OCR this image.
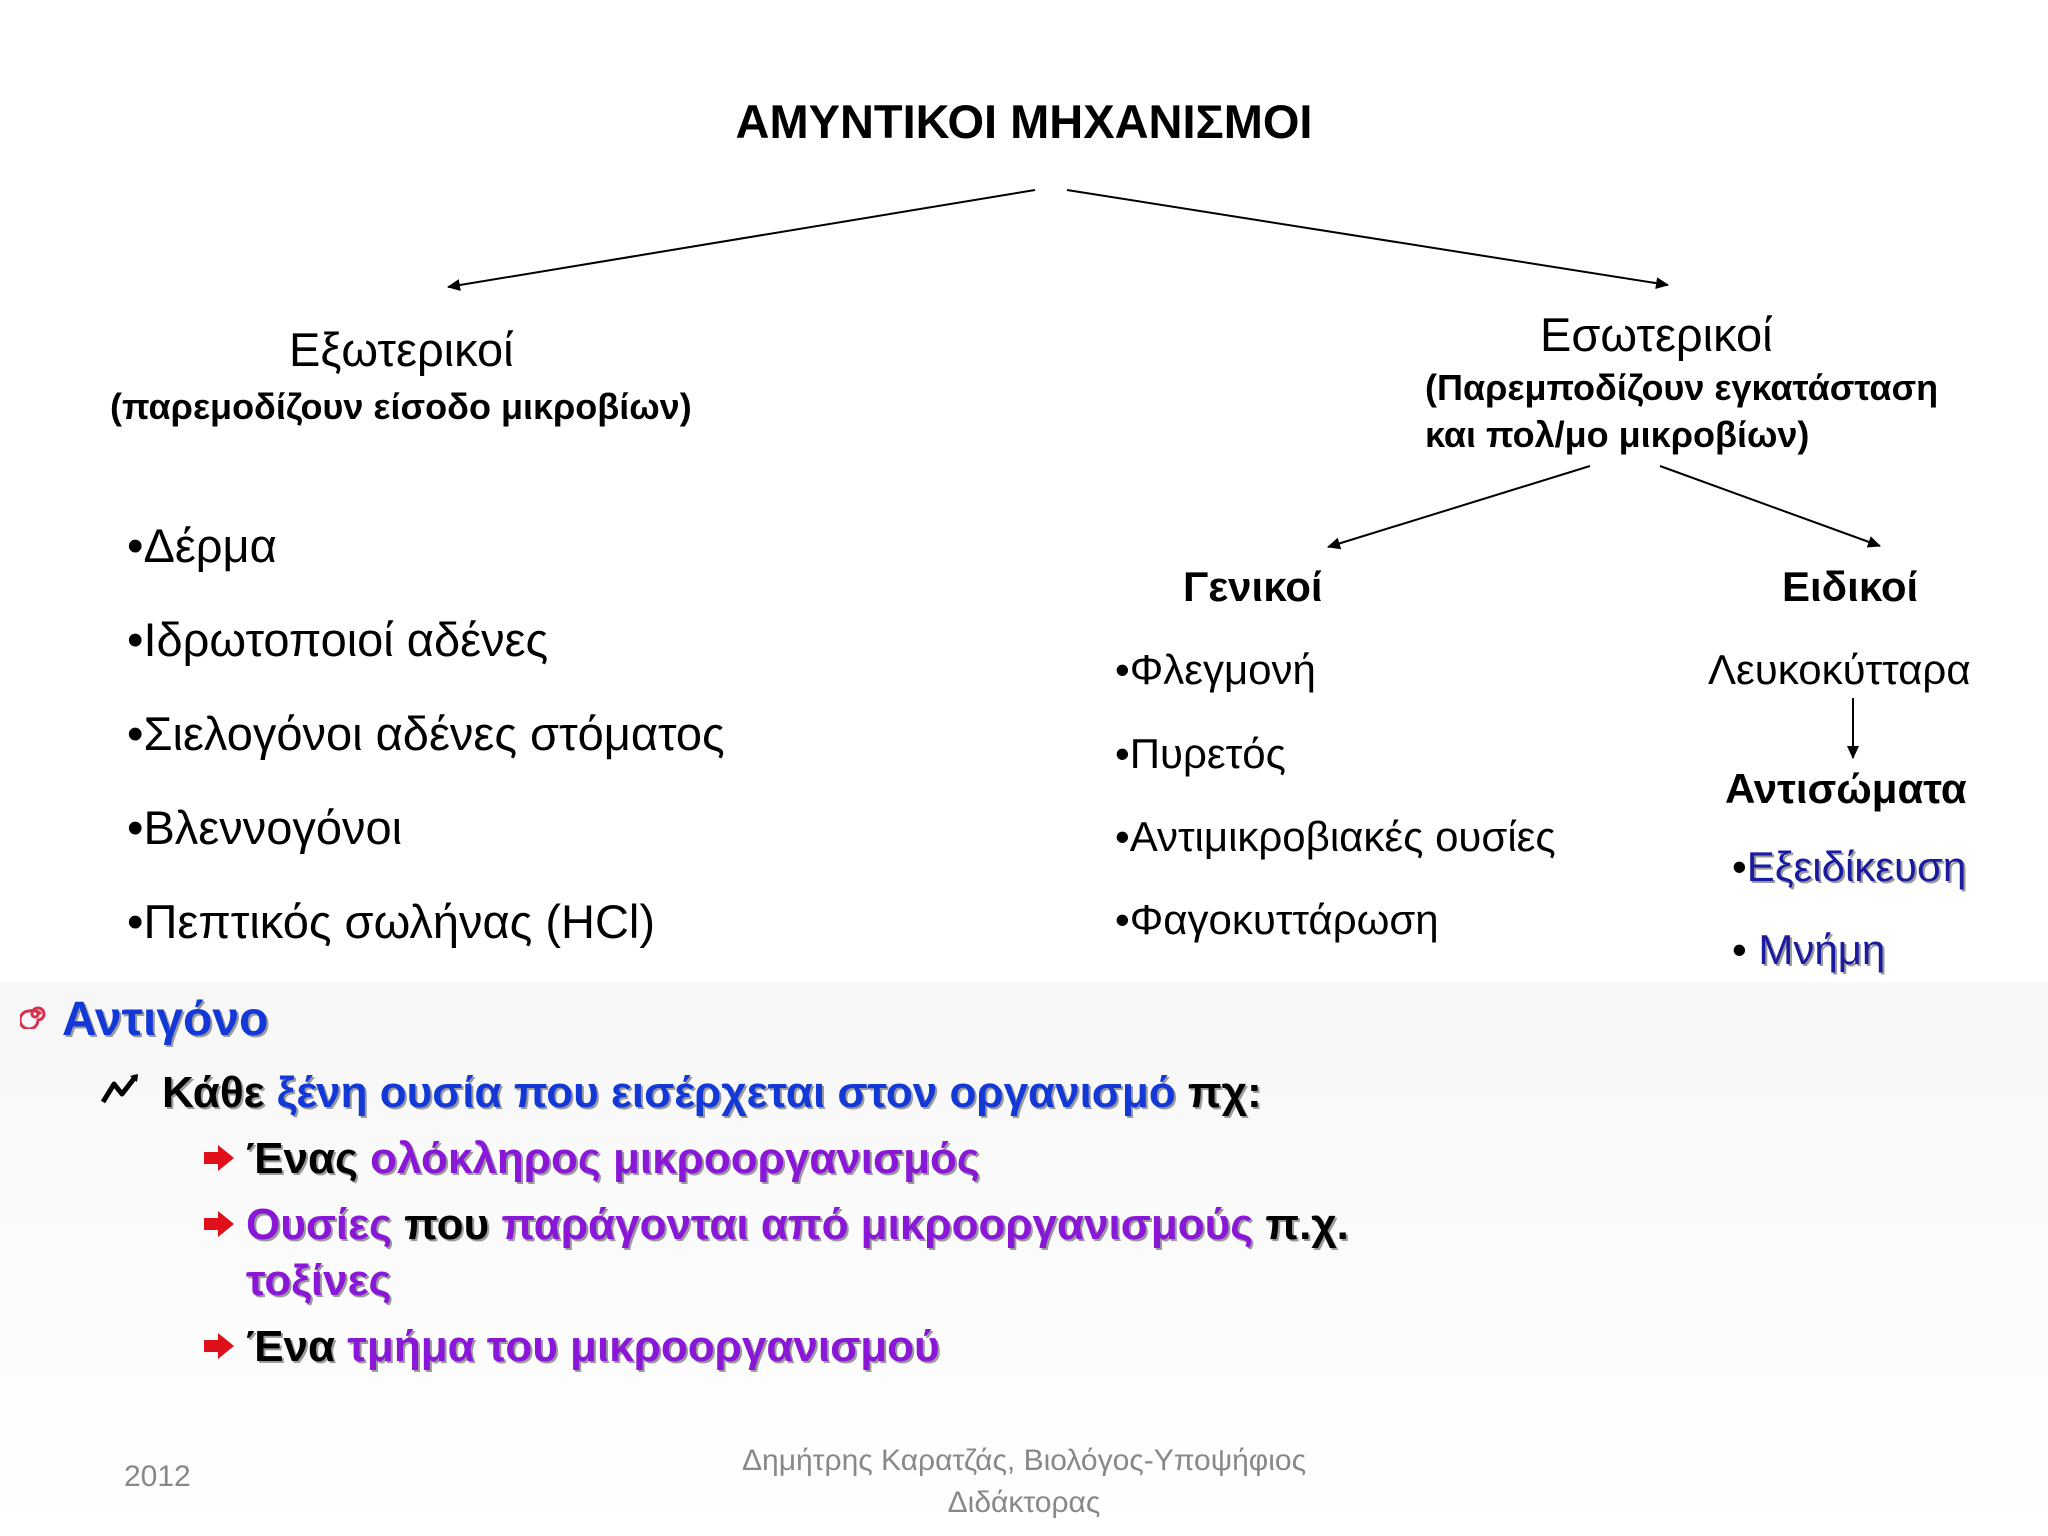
ΑΜΥΝΤΙΚΟΙ ΜΗΧΑΝΙΣΜΟΙ
Εξωτερικοί
(παρεμοδίζουν είσοδο μικροβίων)
•Δέρμα
•Ιδρωτοποιοί αδένες
•Σιελογόνοι αδένες στόματος
•Βλεννογόνοι
•Πεπτικός σωλήνας (HCl)
Εσωτερικοί
(Παρεμποδίζουν εγκατάσταση
και πολ/μο μικροβίων)
Γενικοί
•Φλεγμονή
•Πυρετός
•Αντιμικροβιακές ουσίες
•Φαγοκυττάρωση
Ειδικοί
Λευκοκύτταρα
Αντισώματα
•Εξειδίκευση
• Μνήμη
Αντιγόνο
Κάθε ξένη ουσία που εισέρχεται στον οργανισμό πχ:
Ένας ολόκληρος μικροοργανισμός
Ουσίες που παράγονται από μικροοργανισμούς π.χ.
τοξίνες
Ένα τμήμα του μικροοργανισμού
2012	Δημήτρης Καρατζάς, Βιολόγος-Υποψήφιος
Διδάκτορας
